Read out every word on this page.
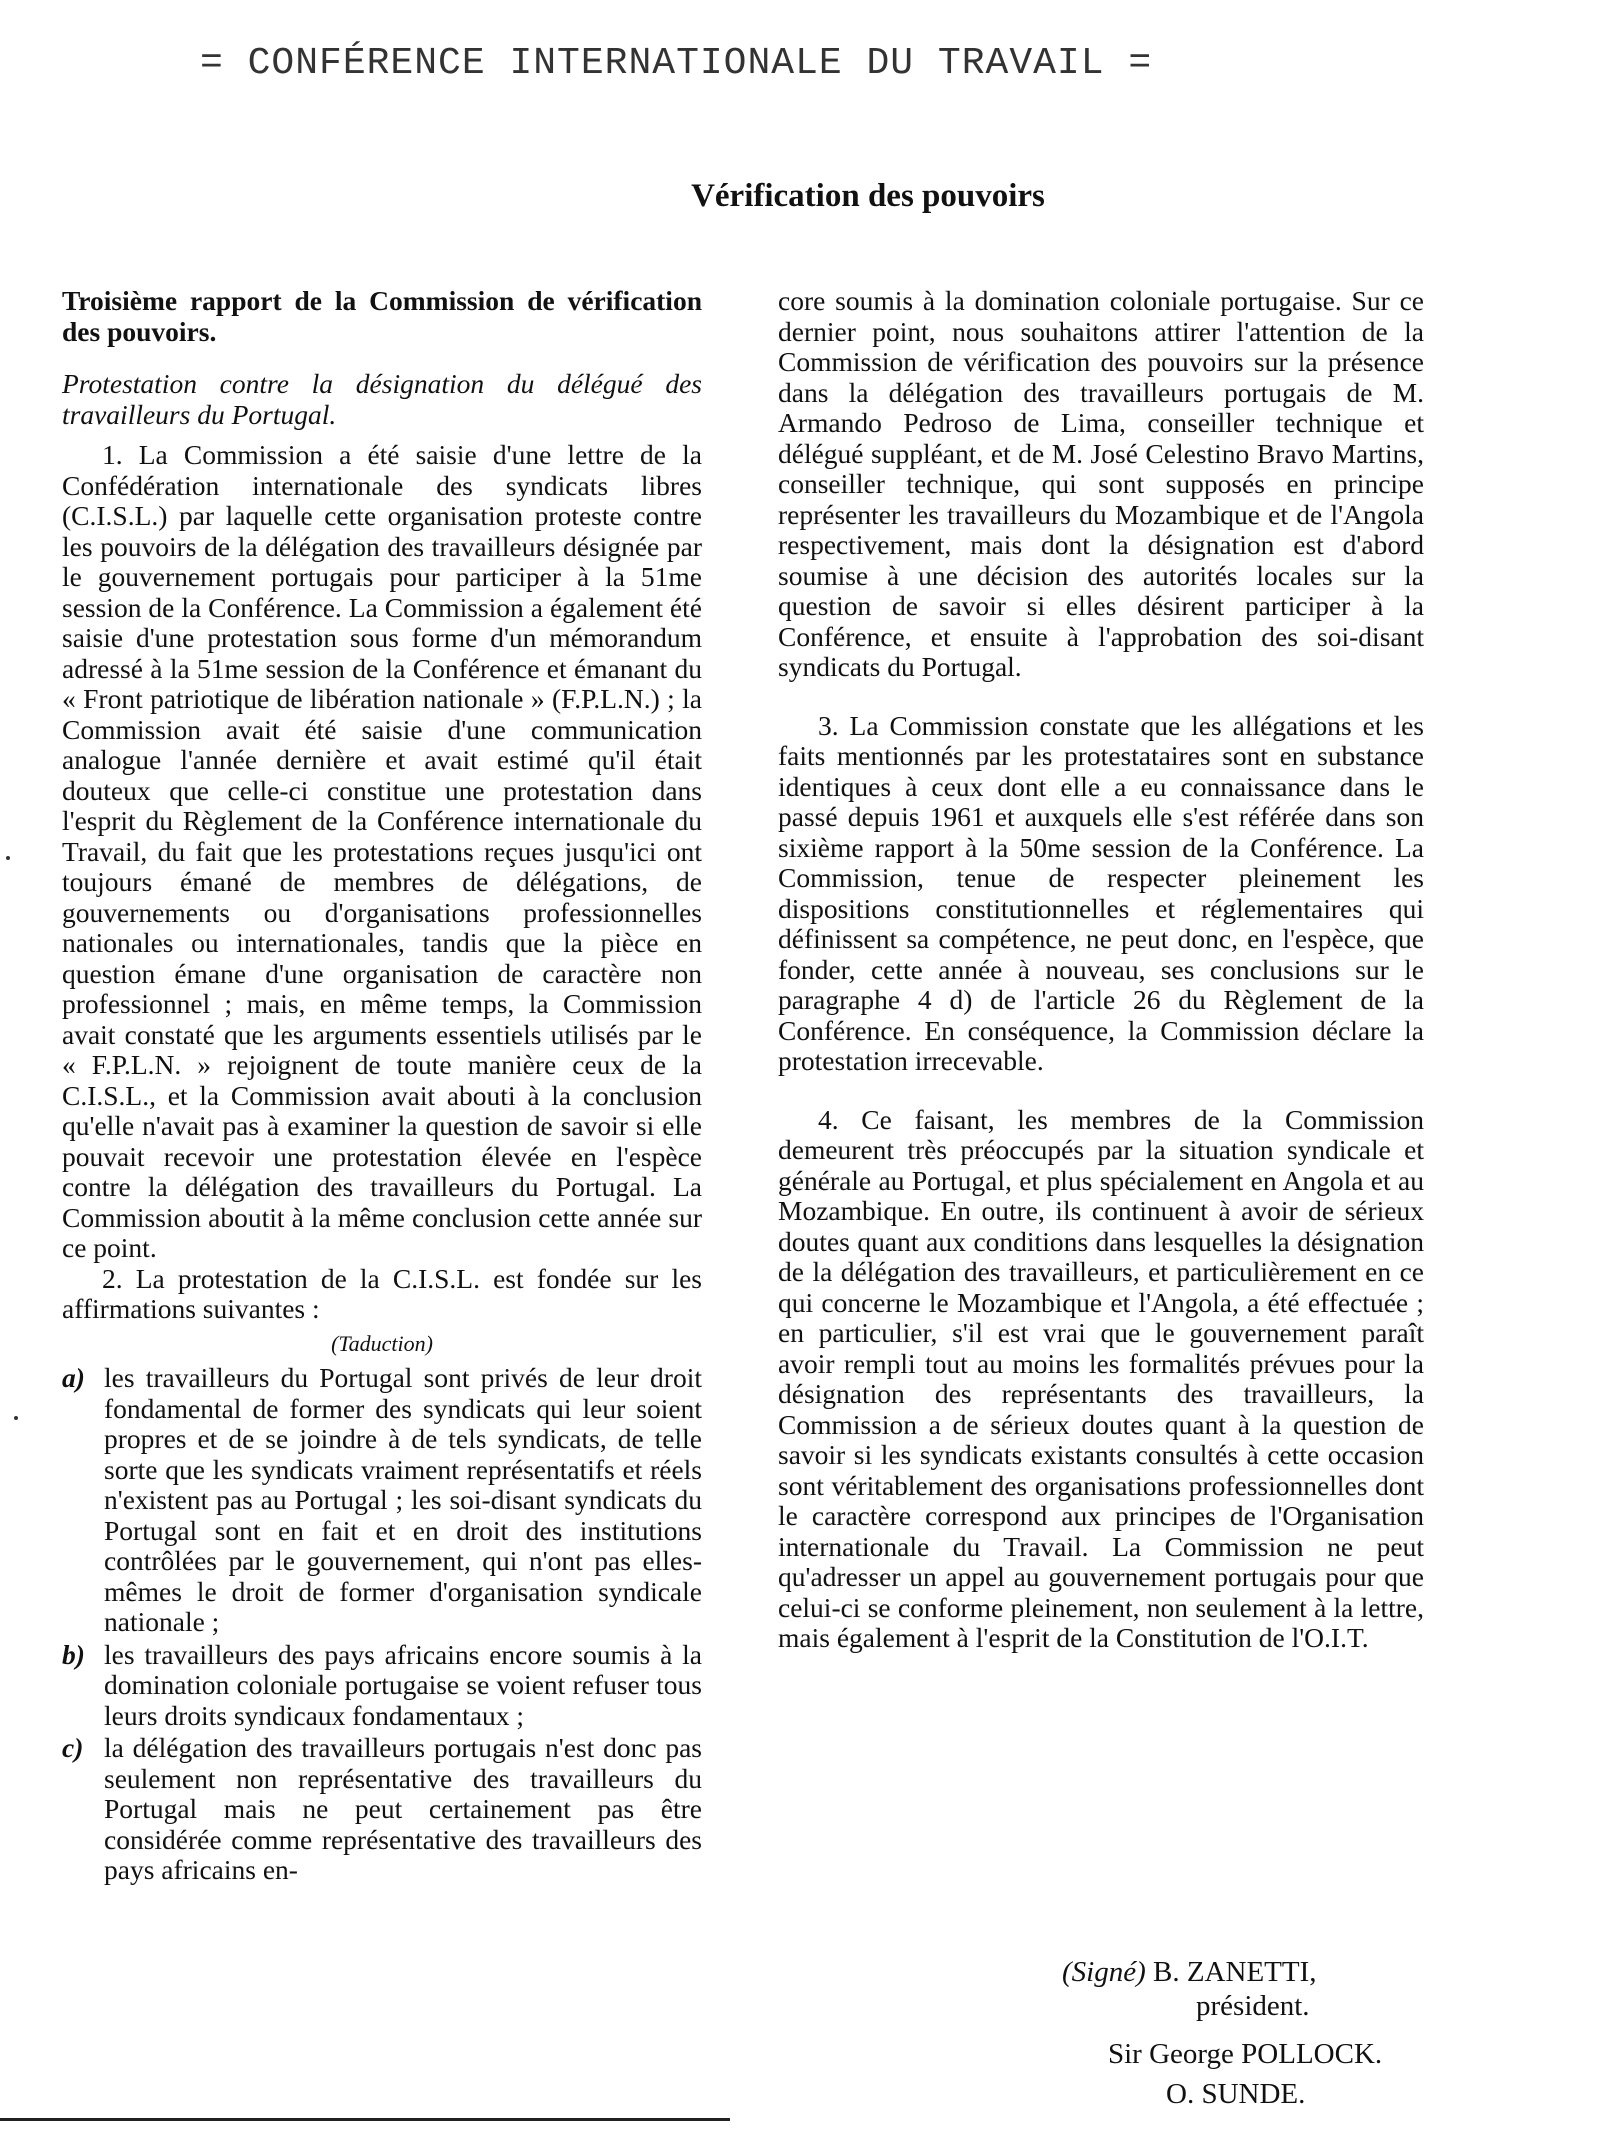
= CONFÉRENCE INTERNATIONALE DU TRAVAIL =
Vérification des pouvoirs

Troisième rapport de la Commission de vérification des pouvoirs.

Protestation contre la désignation du délégué des travailleurs du Portugal.

1. La Commission a été saisie d'une lettre de la Confédération internationale des syndicats libres (C.I.S.L.) par laquelle cette organisation proteste contre les pouvoirs de la délégation des travailleurs désignée par le gouvernement portugais pour participer à la 51me session de la Conférence. La Commission a également été saisie d'une protestation sous forme d'un mémorandum adressé à la 51me session de la Conférence et émanant du « Front patriotique de libération nationale » (F.P.L.N.) ; la Commission avait été saisie d'une communication analogue l'année dernière et avait estimé qu'il était douteux que celle-ci constitue une protestation dans l'esprit du Règlement de la Conférence internationale du Travail, du fait que les protestations reçues jusqu'ici ont toujours émané de membres de délégations, de gouvernements ou d'organisations professionnelles nationales ou internationales, tandis que la pièce en question émane d'une organisation de caractère non professionnel ; mais, en même temps, la Commission avait constaté que les arguments essentiels utilisés par le « F.P.L.N. » rejoignent de toute manière ceux de la C.I.S.L., et la Commission avait abouti à la conclusion qu'elle n'avait pas à examiner la question de savoir si elle pouvait recevoir une protestation élevée en l'espèce contre la délégation des travailleurs du Portugal. La Commission aboutit à la même conclusion cette année sur ce point.

2. La protestation de la C.I.S.L. est fondée sur les affirmations suivantes :

(Taduction)

a) les travailleurs du Portugal sont privés de leur droit fondamental de former des syndicats qui leur soient propres et de se joindre à de tels syndicats, de telle sorte que les syndicats vraiment représentatifs et réels n'existent pas au Portugal ; les soi-disant syndicats du Portugal sont en fait et en droit des institutions contrôlées par le gouvernement, qui n'ont pas elles-mêmes le droit de former d'organisation syndicale nationale ;
b) les travailleurs des pays africains encore soumis à la domination coloniale portugaise se voient refuser tous leurs droits syndicaux fondamentaux ;
c) la délégation des travailleurs portugais n'est donc pas seulement non représentative des travailleurs du Portugal mais ne peut certainement pas être considérée comme représentative des travailleurs des pays africains en-

core soumis à la domination coloniale portugaise. Sur ce dernier point, nous souhaitons attirer l'attention de la Commission de vérification des pouvoirs sur la présence dans la délégation des travailleurs portugais de M. Armando Pedroso de Lima, conseiller technique et délégué suppléant, et de M. José Celestino Bravo Martins, conseiller technique, qui sont supposés en principe représenter les travailleurs du Mozambique et de l'Angola respectivement, mais dont la désignation est d'abord soumise à une décision des autorités locales sur la question de savoir si elles désirent participer à la Conférence, et ensuite à l'approbation des soi-disant syndicats du Portugal.

3. La Commission constate que les allégations et les faits mentionnés par les protestataires sont en substance identiques à ceux dont elle a eu connaissance dans le passé depuis 1961 et auxquels elle s'est référée dans son sixième rapport à la 50me session de la Conférence. La Commission, tenue de respecter pleinement les dispositions constitutionnelles et réglementaires qui définissent sa compétence, ne peut donc, en l'espèce, que fonder, cette année à nouveau, ses conclusions sur le paragraphe 4 d) de l'article 26 du Règlement de la Conférence. En conséquence, la Commission déclare la protestation irrecevable.

4. Ce faisant, les membres de la Commission demeurent très préoccupés par la situation syndicale et générale au Portugal, et plus spécialement en Angola et au Mozambique. En outre, ils continuent à avoir de sérieux doutes quant aux conditions dans lesquelles la désignation de la délégation des travailleurs, et particulièrement en ce qui concerne le Mozambique et l'Angola, a été effectuée ; en particulier, s'il est vrai que le gouvernement paraît avoir rempli tout au moins les formalités prévues pour la désignation des représentants des travailleurs, la Commission a de sérieux doutes quant à la question de savoir si les syndicats existants consultés à cette occasion sont véritablement des organisations professionnelles dont le caractère correspond aux principes de l'Organisation internationale du Travail. La Commission ne peut qu'adresser un appel au gouvernement portugais pour que celui-ci se conforme pleinement, non seulement à la lettre, mais également à l'esprit de la Constitution de l'O.I.T.

(Signé) B. ZANETTI,
président.
Sir George POLLOCK.
O. SUNDE.
